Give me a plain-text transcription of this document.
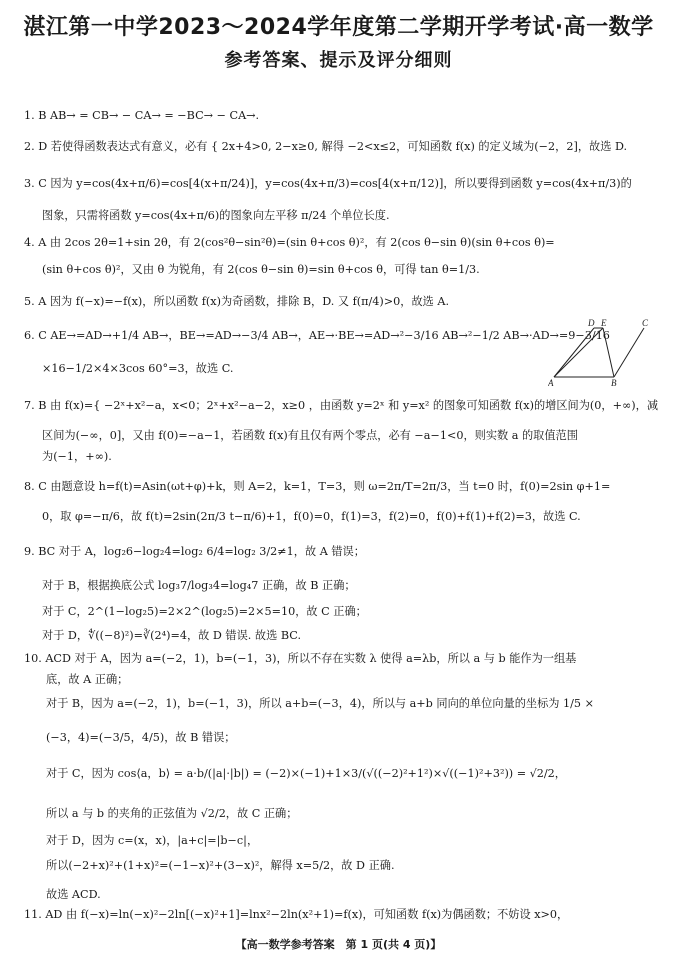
湛江第一中学2023～2024学年度第二学期开学考试·高一数学
参考答案、提示及评分细则
1. B AB→ = CB→ − CA→ = −BC→ − CA→.
2. D 若使得函数表达式有意义，必有 { 2x+4>0, 2−x≥0, 解得 −2<x≤2，可知函数 f(x) 的定义域为(−2，2]，故选 D.
3. C 因为 y=cos(4x+π/6)=cos[4(x+π/24)]，y=cos(4x+π/3)=cos[4(x+π/12)]，所以要得到函数 y=cos(4x+π/3)的
图象，只需将函数 y=cos(4x+π/6)的图象向左平移 π/24 个单位长度.
4. A 由 2cos 2θ=1+sin 2θ，有 2(cos²θ−sin²θ)=(sin θ+cos θ)²，有 2(cos θ−sin θ)(sin θ+cos θ)=
(sin θ+cos θ)²，又由 θ 为锐角，有 2(cos θ−sin θ)=sin θ+cos θ，可得 tan θ=1/3.
5. A 因为 f(−x)=−f(x)，所以函数 f(x)为奇函数，排除 B，D. 又 f(π/4)>0，故选 A.
6. C AE→=AD→+1/4 AB→，BE→=AD→−3/4 AB→，AE→·BE→=AD→²−3/16 AB→²−1/2 AB→·AD→=9−3/16
×16−1/2×4×3cos 60°=3，故选 C.
7. B 由 f(x)={ −2ˣ+x²−a，x<0；2ˣ+x²−a−2，x≥0 ，由函数 y=2ˣ 和 y=x² 的图象可知函数 f(x)的增区间为(0，+∞)，减
区间为(−∞，0]，又由 f(0)=−a−1，若函数 f(x)有且仅有两个零点，必有 −a−1<0，则实数 a 的取值范围
为(−1，+∞).
8. C 由题意设 h=f(t)=Asin(ωt+φ)+k，则 A=2，k=1，T=3，则 ω=2π/T=2π/3，当 t=0 时，f(0)=2sin φ+1=
0，取 φ=−π/6，故 f(t)=2sin(2π/3 t−π/6)+1，f(0)=0，f(1)=3，f(2)=0，f(0)+f(1)+f(2)=3，故选 C.
9. BC 对于 A，log₂6−log₂4=log₂ 6/4=log₂ 3/2≠1，故 A 错误；
对于 B，根据换底公式 log₃7/log₃4=log₄7 正确，故 B 正确；
对于 C，2^(1−log₂5)=2×2^(log₂5)=2×5=10，故 C 正确；
对于 D，∜((−8)²)=∛(2⁴)=4，故 D 错误. 故选 BC.
10. ACD 对于 A，因为 a=(−2，1)，b=(−1，3)，所以不存在实数 λ 使得 a=λb，所以 a 与 b 能作为一组基
底，故 A 正确；
对于 B，因为 a=(−2，1)，b=(−1，3)，所以 a+b=(−3，4)，所以与 a+b 同向的单位向量的坐标为 1/5 ×
(−3，4)=(−3/5，4/5)，故 B 错误；
对于 C，因为 cos⟨a，b⟩ = a·b/(|a|·|b|) = (−2)×(−1)+1×3/(√((−2)²+1²)×√((−1)²+3²)) = √2/2，
所以 a 与 b 的夹角的正弦值为 √2/2，故 C 正确；
对于 D，因为 c=(x，x)，|a+c|=|b−c|，
所以(−2+x)²+(1+x)²=(−1−x)²+(3−x)²，解得 x=5/2，故 D 正确.
故选 ACD.
11. AD 由 f(−x)=ln(−x)²−2ln[(−x)²+1]=lnx²−2ln(x²+1)=f(x)，可知函数 f(x)为偶函数；不妨设 x>0，
D E	C
A	B
【高一数学参考答案　第 1 页(共 4 页)】
